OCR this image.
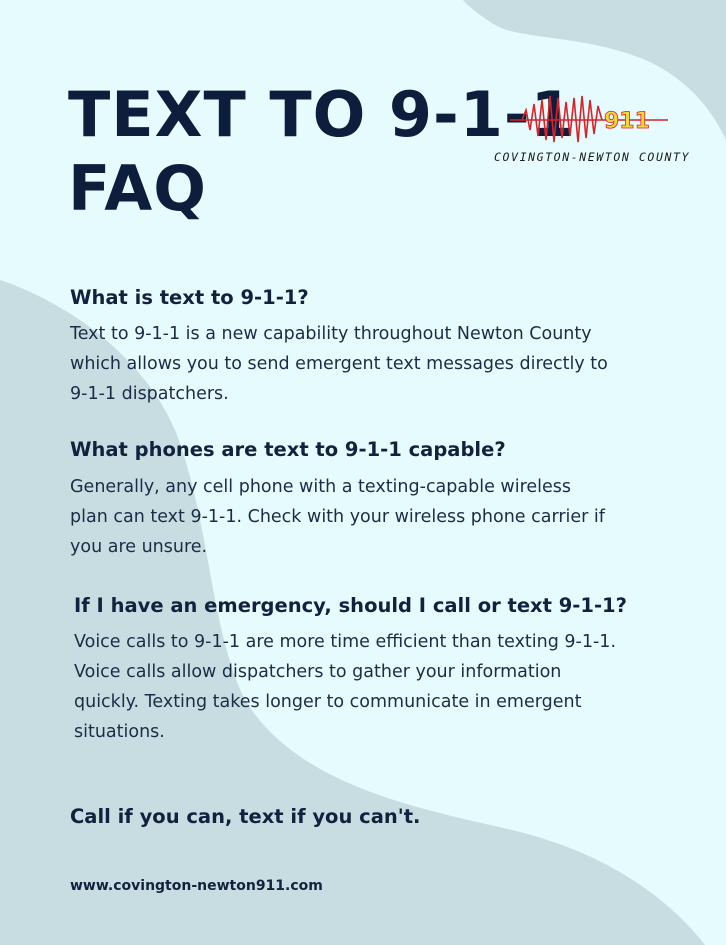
TEXT TO 9-1-1
FAQ
911
COVINGTON-NEWTON COUNTY
What is text to 9-1-1?

Text to 9-1-1 is a new capability throughout Newton County
which allows you to send emergent text messages directly to
9-1-1 dispatchers.

What phones are text to 9-1-1 capable?

Generally, any cell phone with a texting-capable wireless
plan can text 9-1-1. Check with your wireless phone carrier if
you are unsure.

If I have an emergency, should I call or text 9-1-1?

Voice calls to 9-1-1 are more time efficient than texting 9-1-1.
Voice calls allow dispatchers to gather your information
quickly. Texting takes longer to communicate in emergent
situations.

Call if you can, text if you can't.

www.covington-newton911.com
